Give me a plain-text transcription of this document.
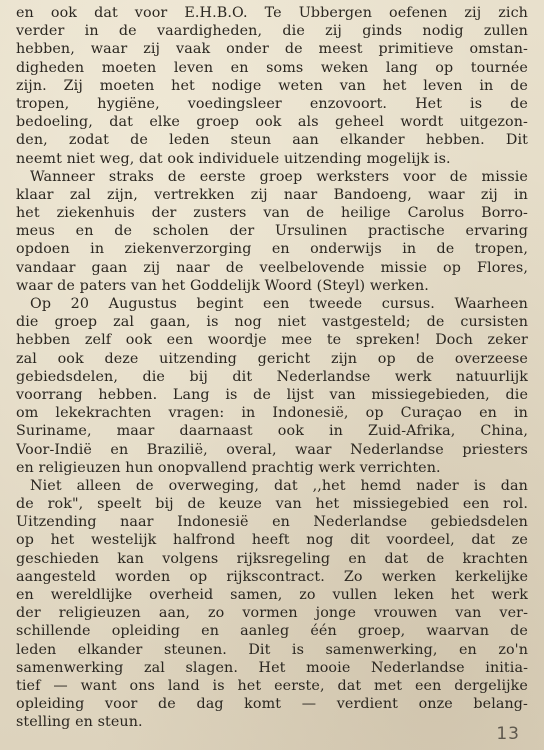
en ook dat voor E.H.B.O. Te Ubbergen oefenen zij zich
verder in de vaardigheden, die zij ginds nodig zullen
hebben, waar zij vaak onder de meest primitieve omstan-
digheden moeten leven en soms weken lang op tournée
zijn. Zij moeten het nodige weten van het leven in de
tropen, hygiëne, voedingsleer enzovoort. Het is de
bedoeling, dat elke groep ook als geheel wordt uitgezon-
den, zodat de leden steun aan elkander hebben. Dit
neemt niet weg, dat ook individuele uitzending mogelijk is.
Wanneer straks de eerste groep werksters voor de missie
klaar zal zijn, vertrekken zij naar Bandoeng, waar zij in
het ziekenhuis der zusters van de heilige Carolus Borro-
meus en de scholen der Ursulinen practische ervaring
opdoen in ziekenverzorging en onderwijs in de tropen,
vandaar gaan zij naar de veelbelovende missie op Flores,
waar de paters van het Goddelijk Woord (Steyl) werken.
Op 20 Augustus begint een tweede cursus. Waarheen
die groep zal gaan, is nog niet vastgesteld; de cursisten
hebben zelf ook een woordje mee te spreken! Doch zeker
zal ook deze uitzending gericht zijn op de overzeese
gebiedsdelen, die bij dit Nederlandse werk natuurlijk
voorrang hebben. Lang is de lijst van missiegebieden, die
om lekekrachten vragen: in Indonesië, op Curaçao en in
Suriname, maar daarnaast ook in Zuid-Afrika, China,
Voor-Indië en Brazilië, overal, waar Nederlandse priesters
en religieuzen hun onopvallend prachtig werk verrichten.
Niet alleen de overweging, dat ,,het hemd nader is dan
de rok", speelt bij de keuze van het missiegebied een rol.
Uitzending naar Indonesië en Nederlandse gebiedsdelen
op het westelijk halfrond heeft nog dit voordeel, dat ze
geschieden kan volgens rijksregeling en dat de krachten
aangesteld worden op rijkscontract. Zo werken kerkelijke
en wereldlijke overheid samen, zo vullen leken het werk
der religieuzen aan, zo vormen jonge vrouwen van ver-
schillende opleiding en aanleg één groep, waarvan de
leden elkander steunen. Dit is samenwerking, en zo'n
samenwerking zal slagen. Het mooie Nederlandse initia-
tief — want ons land is het eerste, dat met een dergelijke
opleiding voor de dag komt — verdient onze belang-
stelling en steun.
13
